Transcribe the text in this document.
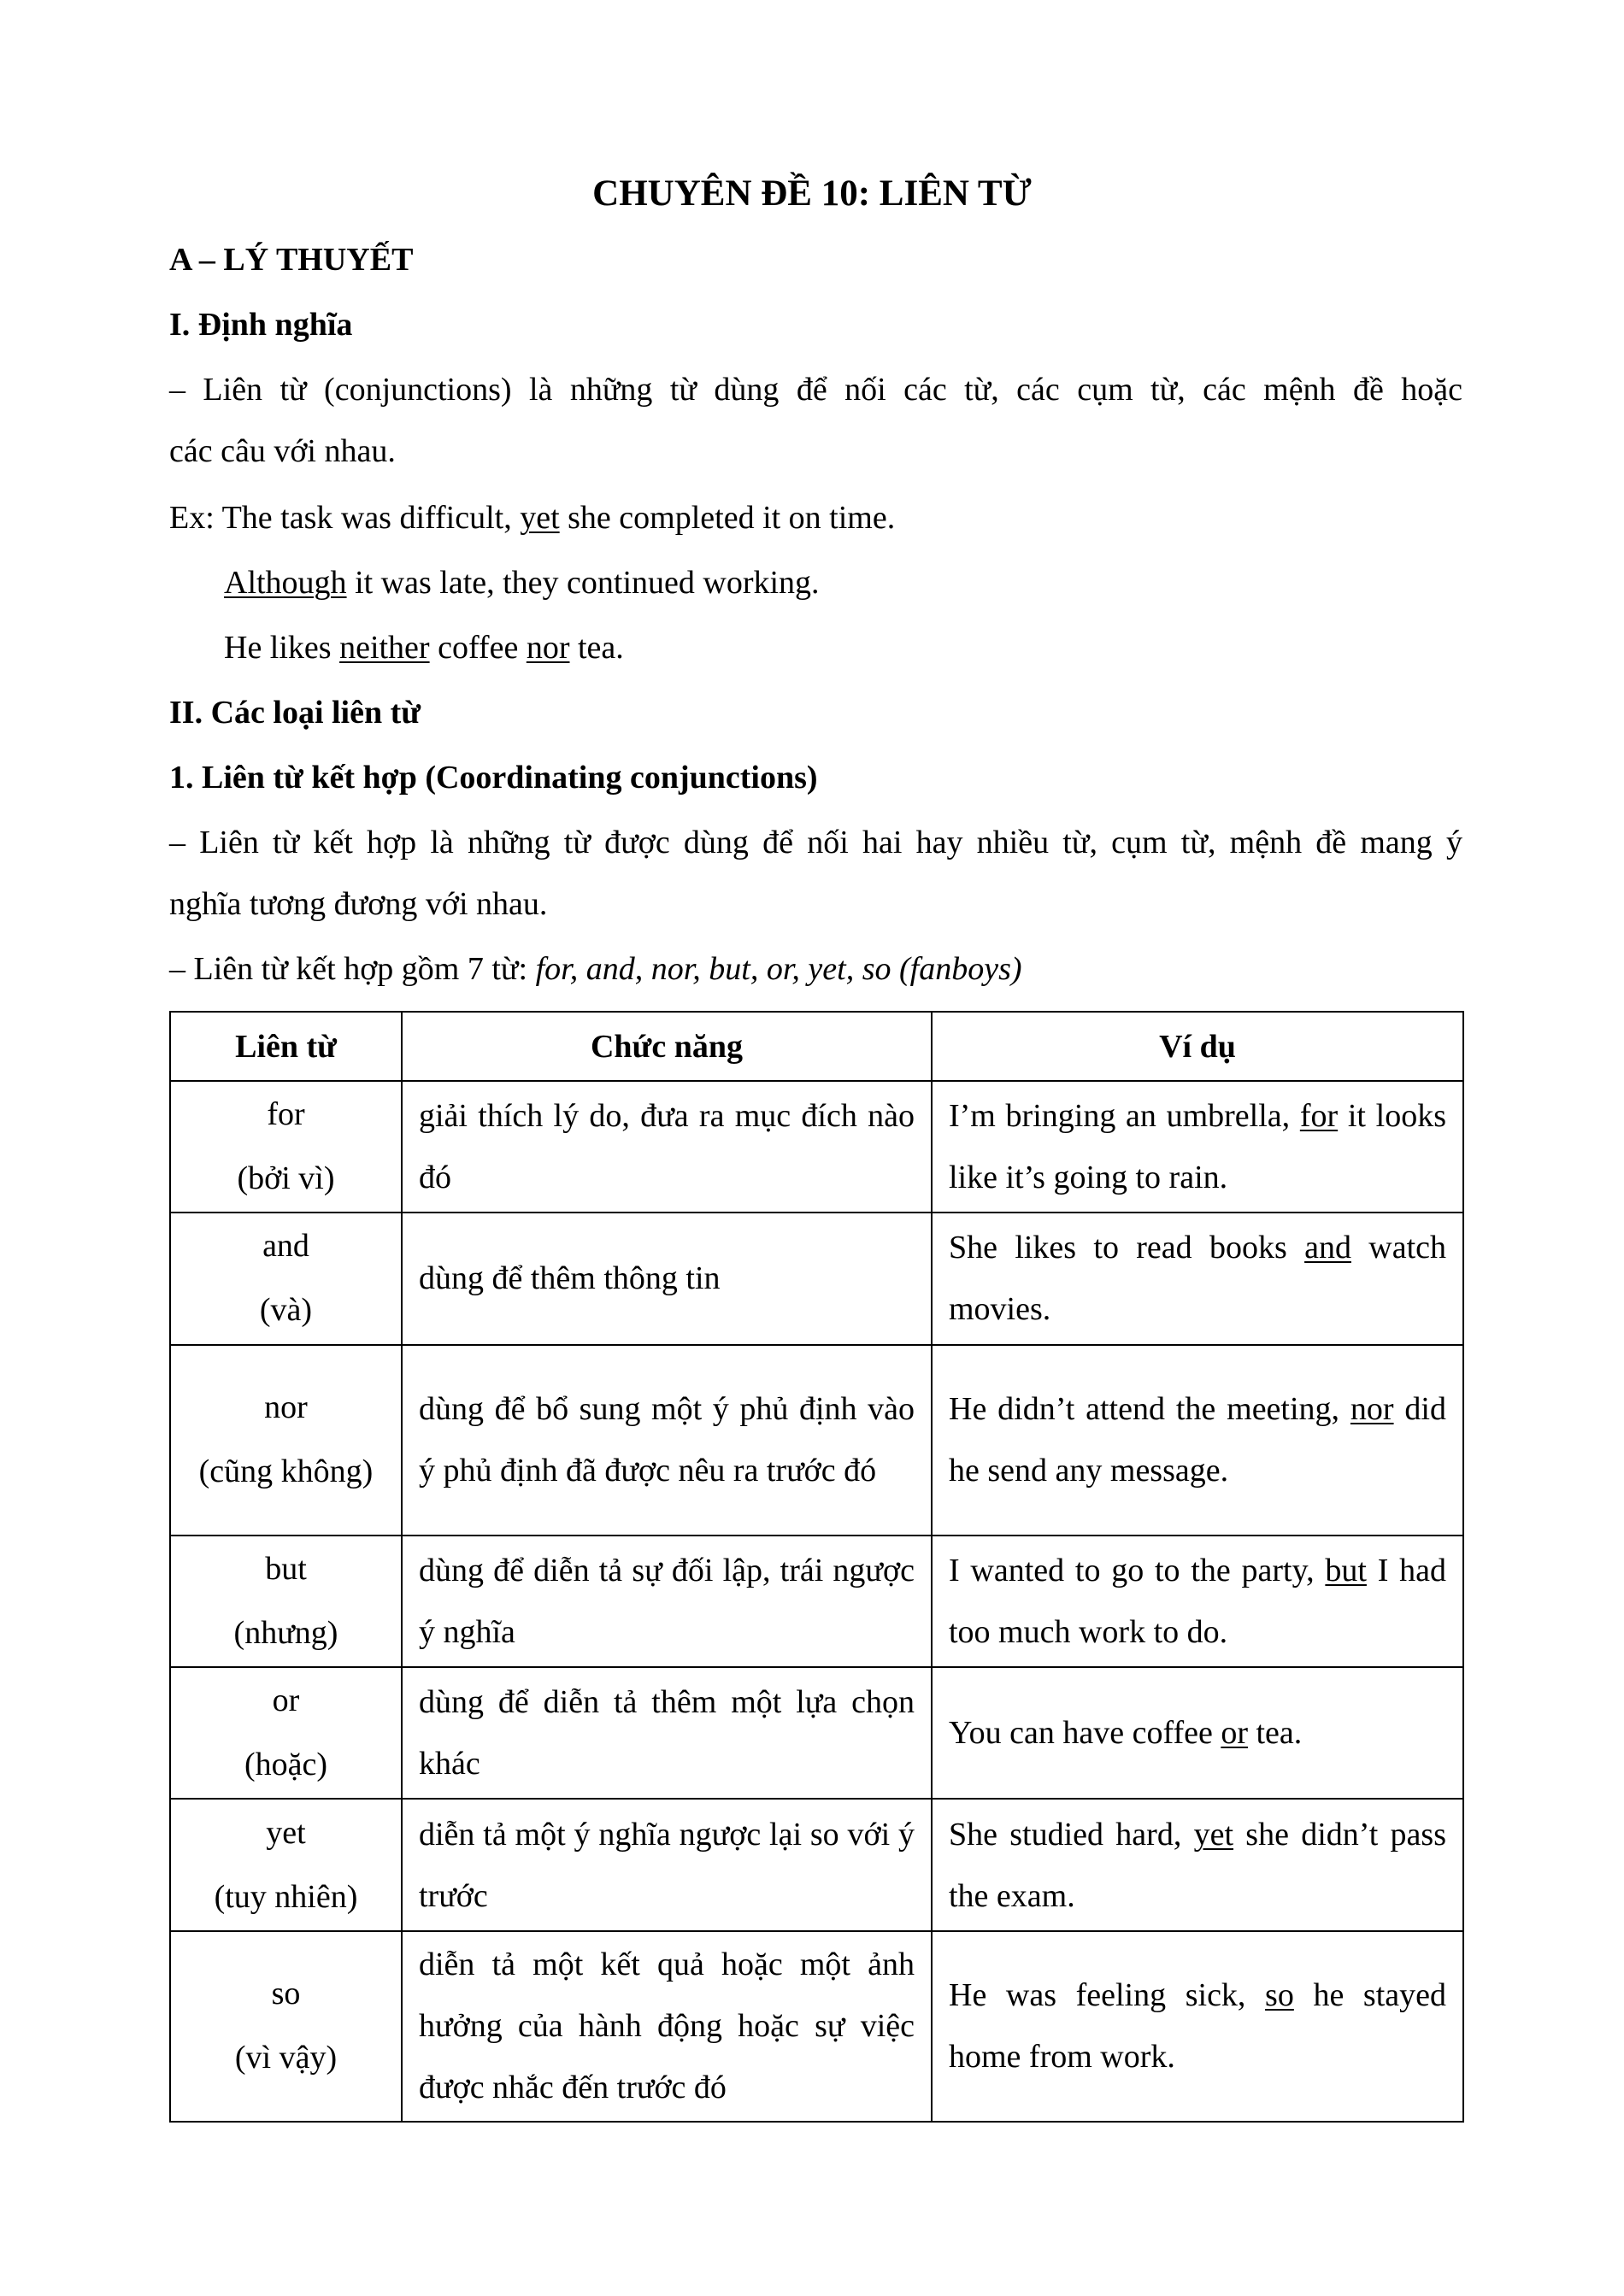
CHUYÊN ĐỀ 10: LIÊN TỪ

A – LÝ THUYẾT

I. Định nghĩa

– Liên từ (conjunctions) là những từ dùng để nối các từ, các cụm từ, các mệnh đề hoặc

các câu với nhau.

Ex: The task was difficult, yet she completed it on time.

Although it was late, they continued working.

He likes neither coffee nor tea.

II. Các loại liên từ

1. Liên từ kết hợp (Coordinating conjunctions)

– Liên từ kết hợp là những từ được dùng để nối hai hay nhiều từ, cụm từ, mệnh đề mang ý

nghĩa tương đương với nhau.

– Liên từ kết hợp gồm 7 từ: for, and, nor, but, or, yet, so (fanboys)

Liên từ	Chức năng	Ví dụ
for
(bởi vì)	giải thích lý do, đưa ra mục đích nào đó	I’m bringing an umbrella, for it looks like it’s going to rain.
and
(và)	dùng để thêm thông tin	She likes to read books and watch movies.
nor
(cũng không)	dùng để bổ sung một ý phủ định vào ý phủ định đã được nêu ra trước đó	He didn’t attend the meeting, nor did he send any message.
but
(nhưng)	dùng để diễn tả sự đối lập, trái ngược ý nghĩa	I wanted to go to the party, but I had too much work to do.
or
(hoặc)	dùng để diễn tả thêm một lựa chọn khác	You can have coffee or tea.
yet
(tuy nhiên)	diễn tả một ý nghĩa ngược lại so với ý trước	She studied hard, yet she didn’t pass the exam.
so
(vì vậy)	diễn tả một kết quả hoặc một ảnh hưởng của hành động hoặc sự việc được nhắc đến trước đó	He was feeling sick, so he stayed home from work.
